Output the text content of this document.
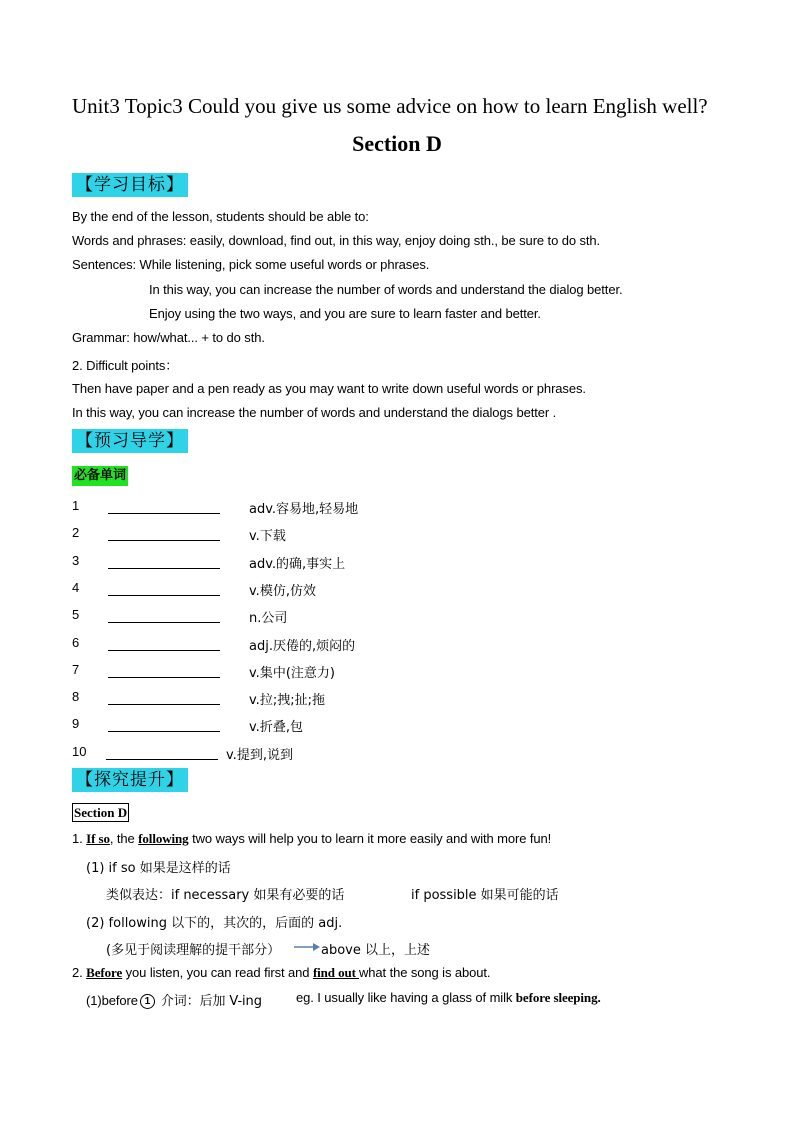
Unit3 Topic3 Could you give us some advice on how to learn English well?
Section D
【学习目标】
By the end of the lesson, students should be able to:
Words and phrases: easily, download, find out, in this way, enjoy doing sth., be sure to do sth.
Sentences: While listening, pick some useful words or phrases.
In this way, you can increase the number of words and understand the dialog better.
Enjoy using the two ways, and you are sure to learn faster and better.
Grammar: how/what... + to do sth.
2. Difficult points：
Then have paper and a pen ready as you may want to write down useful words or phrases.
In this way, you can increase the number of words and understand the dialogs better .
【预习导学】
必备单词
1	adv.容易地,轻易地
2	v.下载
3	adv.的确,事实上
4	v.模仿,仿效
5	n.公司
6	adj.厌倦的,烦闷的
7	v.集中(注意力)
8	v.拉;拽;扯;拖
9	v.折叠,包
10	v.提到,说到
【探究提升】
Section D
1. If so, the following two ways will help you to learn it more easily and with more fun!
(1) if so 如果是这样的话
类似表达：if necessary 如果有必要的话	if possible 如果可能的话
(2) following 以下的，其次的，后面的 adj.
(多见于阅读理解的提干部分）	above 以上，上述
2. Before you listen, you can read first and find out what the song is about.
(1)before 1 介词：后加 V-ing	eg. I usually like having a glass of milk before sleeping.
